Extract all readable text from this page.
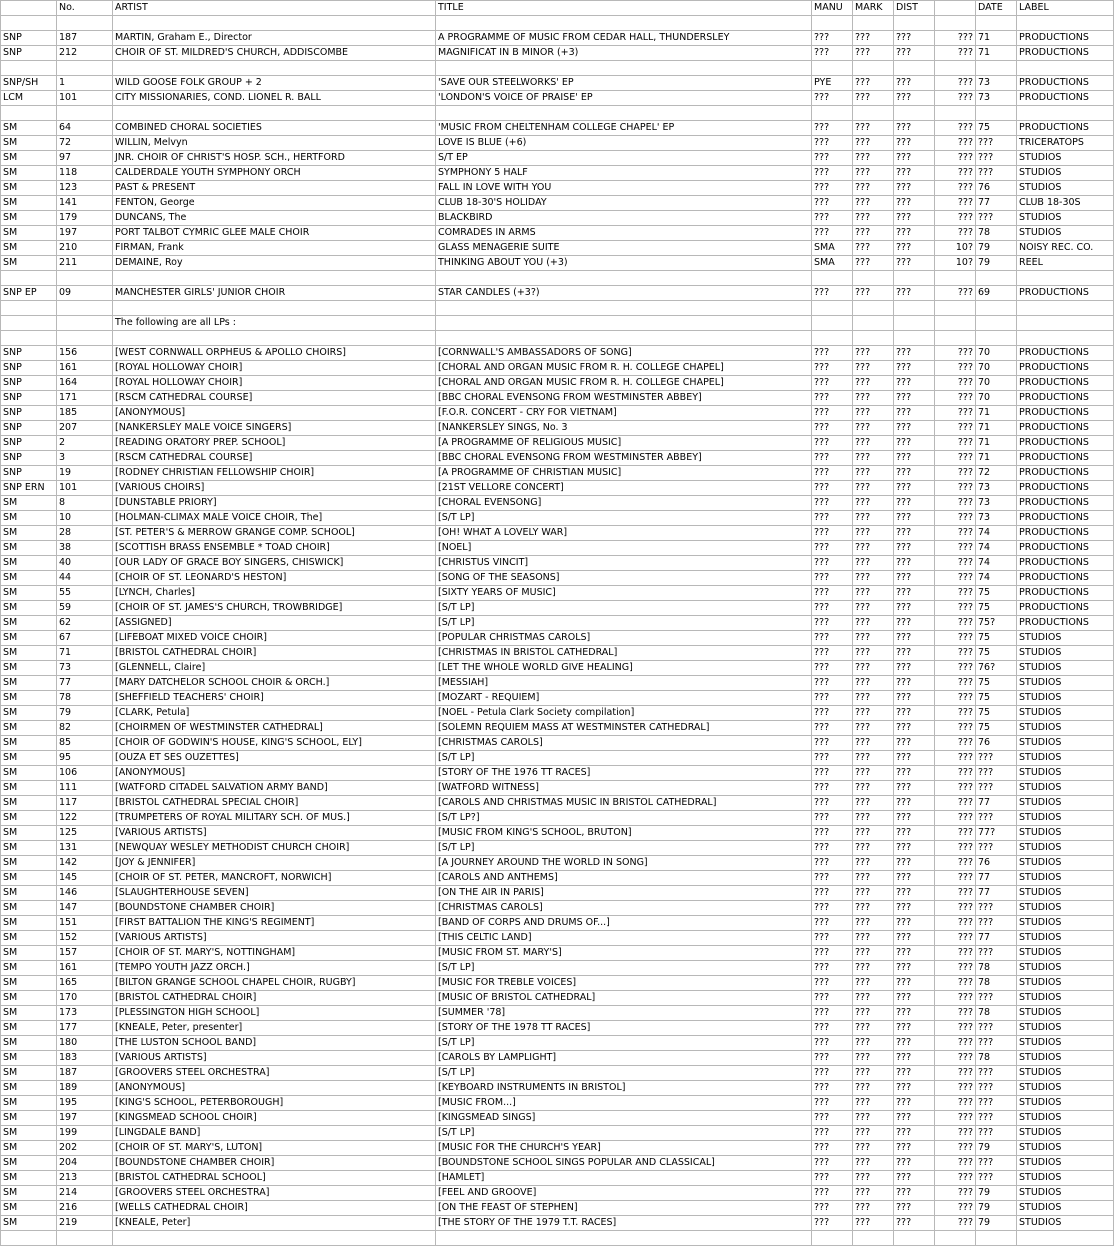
	No.	ARTIST	TITLE	MANU	MARK	DIST		DATE	LABEL

SNP	187	MARTIN, Graham E., Director	A PROGRAMME OF MUSIC FROM CEDAR HALL, THUNDERSLEY	???	???	???	???	71	PRODUCTIONS
SNP	212	CHOIR OF ST. MILDRED'S CHURCH, ADDISCOMBE	MAGNIFICAT IN B MINOR (+3)	???	???	???	???	71	PRODUCTIONS

SNP/SH	1	WILD GOOSE FOLK GROUP + 2	'SAVE OUR STEELWORKS' EP	PYE	???	???	???	73	PRODUCTIONS
LCM	101	CITY MISSIONARIES, COND. LIONEL R. BALL	'LONDON'S VOICE OF PRAISE' EP	???	???	???	???	73	PRODUCTIONS

SM	64	COMBINED CHORAL SOCIETIES	'MUSIC FROM CHELTENHAM COLLEGE CHAPEL' EP	???	???	???	???	75	PRODUCTIONS
SM	72	WILLIN, Melvyn	LOVE IS BLUE (+6)	???	???	???	???	???	TRICERATOPS
SM	97	JNR. CHOIR OF CHRIST'S HOSP. SCH., HERTFORD	S/T EP	???	???	???	???	???	STUDIOS
SM	118	CALDERDALE YOUTH SYMPHONY ORCH	SYMPHONY 5 HALF	???	???	???	???	???	STUDIOS
SM	123	PAST & PRESENT	FALL IN LOVE WITH YOU	???	???	???	???	76	STUDIOS
SM	141	FENTON, George	CLUB 18-30'S HOLIDAY	???	???	???	???	77	CLUB 18-30S
SM	179	DUNCANS, The	BLACKBIRD	???	???	???	???	???	STUDIOS
SM	197	PORT TALBOT CYMRIC GLEE MALE CHOIR	COMRADES IN ARMS	???	???	???	???	78	STUDIOS
SM	210	FIRMAN, Frank	GLASS MENAGERIE SUITE	SMA	???	???	10?	79	NOISY REC. CO.
SM	211	DEMAINE, Roy	THINKING ABOUT YOU (+3)	SMA	???	???	10?	79	REEL

SNP EP	09	MANCHESTER GIRLS' JUNIOR CHOIR	STAR CANDLES (+3?)	???	???	???	???	69	PRODUCTIONS

		The following are all LPs :							

SNP	156	[WEST CORNWALL ORPHEUS & APOLLO CHOIRS]	[CORNWALL'S AMBASSADORS OF SONG]	???	???	???	???	70	PRODUCTIONS
SNP	161	[ROYAL HOLLOWAY CHOIR]	[CHORAL AND ORGAN MUSIC FROM R. H. COLLEGE CHAPEL]	???	???	???	???	70	PRODUCTIONS
SNP	164	[ROYAL HOLLOWAY CHOIR]	[CHORAL AND ORGAN MUSIC FROM R. H. COLLEGE CHAPEL]	???	???	???	???	70	PRODUCTIONS
SNP	171	[RSCM CATHEDRAL COURSE]	[BBC CHORAL EVENSONG FROM WESTMINSTER ABBEY]	???	???	???	???	70	PRODUCTIONS
SNP	185	[ANONYMOUS]	[F.O.R. CONCERT - CRY FOR VIETNAM]	???	???	???	???	71	PRODUCTIONS
SNP	207	[NANKERSLEY MALE VOICE SINGERS]	[NANKERSLEY SINGS, No. 3	???	???	???	???	71	PRODUCTIONS
SNP	2	[READING ORATORY PREP. SCHOOL]	[A PROGRAMME OF RELIGIOUS MUSIC]	???	???	???	???	71	PRODUCTIONS
SNP	3	[RSCM CATHEDRAL COURSE]	[BBC CHORAL EVENSONG FROM WESTMINSTER ABBEY]	???	???	???	???	71	PRODUCTIONS
SNP	19	[RODNEY CHRISTIAN FELLOWSHIP CHOIR]	[A PROGRAMME OF CHRISTIAN MUSIC]	???	???	???	???	72	PRODUCTIONS
SNP ERN	101	[VARIOUS CHOIRS]	[21ST VELLORE CONCERT]	???	???	???	???	73	PRODUCTIONS
SM	8	[DUNSTABLE PRIORY]	[CHORAL EVENSONG]	???	???	???	???	73	PRODUCTIONS
SM	10	[HOLMAN-CLIMAX MALE VOICE CHOIR, The]	[S/T LP]	???	???	???	???	73	PRODUCTIONS
SM	28	[ST. PETER'S & MERROW GRANGE COMP. SCHOOL]	[OH! WHAT A LOVELY WAR]	???	???	???	???	74	PRODUCTIONS
SM	38	[SCOTTISH BRASS ENSEMBLE * TOAD CHOIR]	[NOEL]	???	???	???	???	74	PRODUCTIONS
SM	40	[OUR LADY OF GRACE BOY SINGERS, CHISWICK]	[CHRISTUS VINCIT]	???	???	???	???	74	PRODUCTIONS
SM	44	[CHOIR OF ST. LEONARD'S HESTON]	[SONG OF THE SEASONS]	???	???	???	???	74	PRODUCTIONS
SM	55	[LYNCH, Charles]	[SIXTY YEARS OF MUSIC]	???	???	???	???	75	PRODUCTIONS
SM	59	[CHOIR OF ST. JAMES'S CHURCH, TROWBRIDGE]	[S/T LP]	???	???	???	???	75	PRODUCTIONS
SM	62	[ASSIGNED]	[S/T LP]	???	???	???	???	75?	PRODUCTIONS
SM	67	[LIFEBOAT MIXED VOICE CHOIR]	[POPULAR CHRISTMAS CAROLS]	???	???	???	???	75	STUDIOS
SM	71	[BRISTOL CATHEDRAL CHOIR]	[CHRISTMAS IN BRISTOL CATHEDRAL]	???	???	???	???	75	STUDIOS
SM	73	[GLENNELL, Claire]	[LET THE WHOLE WORLD GIVE HEALING]	???	???	???	???	76?	STUDIOS
SM	77	[MARY DATCHELOR SCHOOL CHOIR & ORCH.]	[MESSIAH]	???	???	???	???	75	STUDIOS
SM	78	[SHEFFIELD TEACHERS' CHOIR]	[MOZART - REQUIEM]	???	???	???	???	75	STUDIOS
SM	79	[CLARK, Petula]	[NOEL - Petula Clark Society compilation]	???	???	???	???	75	STUDIOS
SM	82	[CHOIRMEN OF WESTMINSTER CATHEDRAL]	[SOLEMN REQUIEM MASS AT WESTMINSTER CATHEDRAL]	???	???	???	???	75	STUDIOS
SM	85	[CHOIR OF GODWIN'S HOUSE, KING'S SCHOOL, ELY]	[CHRISTMAS CAROLS]	???	???	???	???	76	STUDIOS
SM	95	[OUZA ET SES OUZETTES]	[S/T LP]	???	???	???	???	???	STUDIOS
SM	106	[ANONYMOUS]	[STORY OF THE 1976 TT RACES]	???	???	???	???	???	STUDIOS
SM	111	[WATFORD CITADEL SALVATION ARMY BAND]	[WATFORD WITNESS]	???	???	???	???	???	STUDIOS
SM	117	[BRISTOL CATHEDRAL SPECIAL CHOIR]	[CAROLS AND CHRISTMAS MUSIC IN BRISTOL CATHEDRAL]	???	???	???	???	77	STUDIOS
SM	122	[TRUMPETERS OF ROYAL MILITARY SCH. OF MUS.]	[S/T LP?]	???	???	???	???	???	STUDIOS
SM	125	[VARIOUS ARTISTS]	[MUSIC FROM KING'S SCHOOL, BRUTON]	???	???	???	???	77?	STUDIOS
SM	131	[NEWQUAY WESLEY METHODIST CHURCH CHOIR]	[S/T LP]	???	???	???	???	???	STUDIOS
SM	142	[JOY & JENNIFER]	[A JOURNEY AROUND THE WORLD IN SONG]	???	???	???	???	76	STUDIOS
SM	145	[CHOIR OF ST. PETER, MANCROFT, NORWICH]	[CAROLS AND ANTHEMS]	???	???	???	???	77	STUDIOS
SM	146	[SLAUGHTERHOUSE SEVEN]	[ON THE AIR IN PARIS]	???	???	???	???	77	STUDIOS
SM	147	[BOUNDSTONE CHAMBER CHOIR]	[CHRISTMAS CAROLS]	???	???	???	???	???	STUDIOS
SM	151	[FIRST BATTALION THE KING'S REGIMENT]	[BAND OF CORPS AND DRUMS OF...]	???	???	???	???	???	STUDIOS
SM	152	[VARIOUS ARTISTS]	[THIS CELTIC LAND]	???	???	???	???	77	STUDIOS
SM	157	[CHOIR OF ST. MARY'S, NOTTINGHAM]	[MUSIC FROM ST. MARY'S]	???	???	???	???	???	STUDIOS
SM	161	[TEMPO YOUTH JAZZ ORCH.]	[S/T LP]	???	???	???	???	78	STUDIOS
SM	165	[BILTON GRANGE SCHOOL CHAPEL CHOIR, RUGBY]	[MUSIC FOR TREBLE VOICES]	???	???	???	???	78	STUDIOS
SM	170	[BRISTOL CATHEDRAL CHOIR]	[MUSIC OF BRISTOL CATHEDRAL]	???	???	???	???	???	STUDIOS
SM	173	[PLESSINGTON HIGH SCHOOL]	[SUMMER '78]	???	???	???	???	78	STUDIOS
SM	177	[KNEALE, Peter, presenter]	[STORY OF THE 1978 TT RACES]	???	???	???	???	???	STUDIOS
SM	180	[THE LUSTON SCHOOL BAND]	[S/T LP]	???	???	???	???	???	STUDIOS
SM	183	[VARIOUS ARTISTS]	[CAROLS BY LAMPLIGHT]	???	???	???	???	78	STUDIOS
SM	187	[GROOVERS STEEL ORCHESTRA]	[S/T LP]	???	???	???	???	???	STUDIOS
SM	189	[ANONYMOUS]	[KEYBOARD INSTRUMENTS IN BRISTOL]	???	???	???	???	???	STUDIOS
SM	195	[KING'S SCHOOL, PETERBOROUGH]	[MUSIC FROM...]	???	???	???	???	???	STUDIOS
SM	197	[KINGSMEAD SCHOOL CHOIR]	[KINGSMEAD SINGS]	???	???	???	???	???	STUDIOS
SM	199	[LINGDALE BAND]	[S/T LP]	???	???	???	???	???	STUDIOS
SM	202	[CHOIR OF ST. MARY'S, LUTON]	[MUSIC FOR THE CHURCH'S YEAR]	???	???	???	???	79	STUDIOS
SM	204	[BOUNDSTONE CHAMBER CHOIR]	[BOUNDSTONE SCHOOL SINGS POPULAR AND CLASSICAL]	???	???	???	???	???	STUDIOS
SM	213	[BRISTOL CATHEDRAL SCHOOL]	[HAMLET]	???	???	???	???	???	STUDIOS
SM	214	[GROOVERS STEEL ORCHESTRA]	[FEEL AND GROOVE]	???	???	???	???	79	STUDIOS
SM	216	[WELLS CATHEDRAL CHOIR]	[ON THE FEAST OF STEPHEN]	???	???	???	???	79	STUDIOS
SM	219	[KNEALE, Peter]	[THE STORY OF THE 1979 T.T. RACES]	???	???	???	???	79	STUDIOS
